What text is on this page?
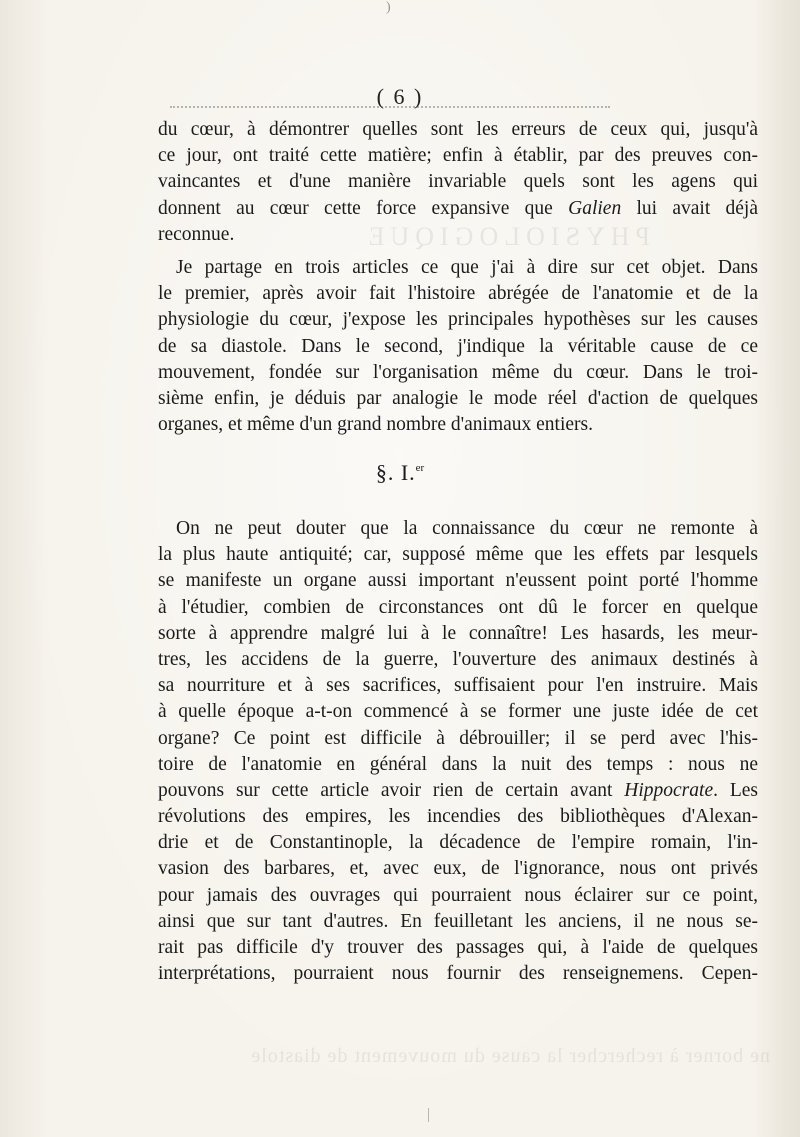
PHYSIOLOGIQUE
)
( 6 )
du cœur, à démontrer quelles sont les erreurs de ceux qui, jusqu'à
ce jour, ont traité cette matière; enfin à établir, par des preuves con-
vaincantes et d'une manière invariable quels sont les agens qui
donnent au cœur cette force expansive que Galien lui avait déjà
reconnue.
Je partage en trois articles ce que j'ai à dire sur cet objet. Dans
le premier, après avoir fait l'histoire abrégée de l'anatomie et de la
physiologie du cœur, j'expose les principales hypothèses sur les causes
de sa diastole. Dans le second, j'indique la véritable cause de ce
mouvement, fondée sur l'organisation même du cœur. Dans le troi-
sième enfin, je déduis par analogie le mode réel d'action de quelques
organes, et même d'un grand nombre d'animaux entiers.
§. I.$^{er}$
On ne peut douter que la connaissance du cœur ne remonte à
la plus haute antiquité; car, supposé même que les effets par lesquels
se manifeste un organe aussi important n'eussent point porté l'homme
à l'étudier, combien de circonstances ont dû le forcer en quelque
sorte à apprendre malgré lui à le connaître! Les hasards, les meur-
tres, les accidens de la guerre, l'ouverture des animaux destinés à
sa nourriture et à ses sacrifices, suffisaient pour l'en instruire. Mais
à quelle époque a-t-on commencé à se former une juste idée de cet
organe? Ce point est difficile à débrouiller; il se perd avec l'his-
toire de l'anatomie en général dans la nuit des temps : nous ne
pouvons sur cette article avoir rien de certain avant Hippocrate. Les
révolutions des empires, les incendies des bibliothèques d'Alexan-
drie et de Constantinople, la décadence de l'empire romain, l'in-
vasion des barbares, et, avec eux, de l'ignorance, nous ont privés
pour jamais des ouvrages qui pourraient nous éclairer sur ce point,
ainsi que sur tant d'autres. En feuilletant les anciens, il ne nous se-
rait pas difficile d'y trouver des passages qui, à l'aide de quelques
interprétations, pourraient nous fournir des renseignemens. Cepen-
ne borner à rechercher la cause du mouvement de diastole
